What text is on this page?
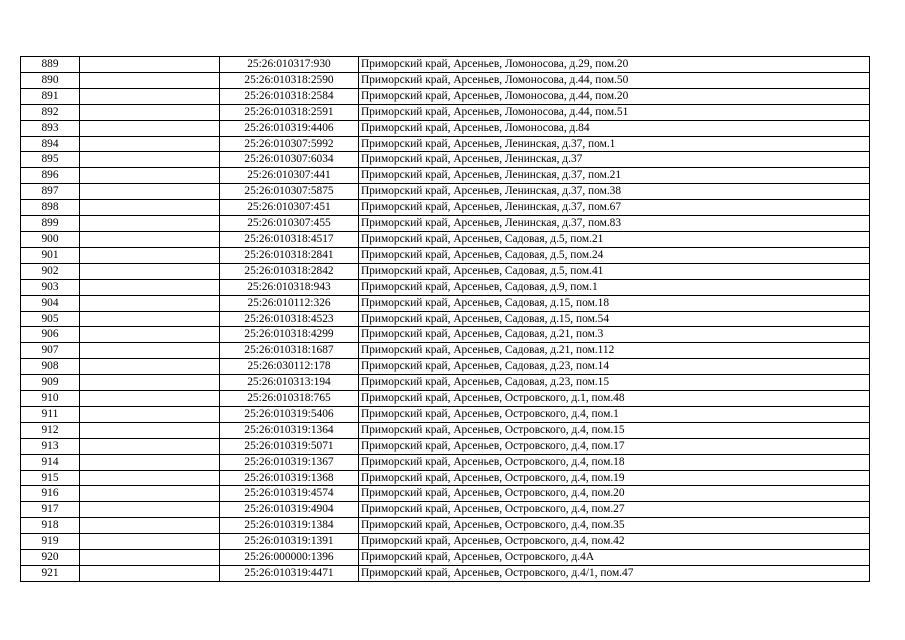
889		25:26:010317:930	Приморский край, Арсеньев, Ломоносова, д.29, пом.20
890		25:26:010318:2590	Приморский край, Арсеньев, Ломоносова, д.44, пом.50
891		25:26:010318:2584	Приморский край, Арсеньев, Ломоносова, д.44, пом.20
892		25:26:010318:2591	Приморский край, Арсеньев, Ломоносова, д.44, пом.51
893		25:26:010319:4406	Приморский край, Арсеньев, Ломоносова, д.84
894		25:26:010307:5992	Приморский край, Арсеньев, Ленинская, д.37, пом.1
895		25:26:010307:6034	Приморский край, Арсеньев, Ленинская, д.37
896		25:26:010307:441	Приморский край, Арсеньев, Ленинская, д.37, пом.21
897		25:26:010307:5875	Приморский край, Арсеньев, Ленинская, д.37, пом.38
898		25:26:010307:451	Приморский край, Арсеньев, Ленинская, д.37, пом.67
899		25:26:010307:455	Приморский край, Арсеньев, Ленинская, д.37, пом.83
900		25:26:010318:4517	Приморский край, Арсеньев, Садовая, д.5, пом.21
901		25:26:010318:2841	Приморский край, Арсеньев, Садовая, д.5, пом.24
902		25:26:010318:2842	Приморский край, Арсеньев, Садовая, д.5, пом.41
903		25:26:010318:943	Приморский край, Арсеньев, Садовая, д.9, пом.1
904		25:26:010112:326	Приморский край, Арсеньев, Садовая, д.15, пом.18
905		25:26:010318:4523	Приморский край, Арсеньев, Садовая, д.15, пом.54
906		25:26:010318:4299	Приморский край, Арсеньев, Садовая, д.21, пом.3
907		25:26:010318:1687	Приморский край, Арсеньев, Садовая, д.21, пом.112
908		25:26:030112:178	Приморский край, Арсеньев, Садовая, д.23, пом.14
909		25:26:010313:194	Приморский край, Арсеньев, Садовая, д.23, пом.15
910		25:26:010318:765	Приморский край, Арсеньев, Островского, д.1, пом.48
911		25:26:010319:5406	Приморский край, Арсеньев, Островского, д.4, пом.1
912		25:26:010319:1364	Приморский край, Арсеньев, Островского, д.4, пом.15
913		25:26:010319:5071	Приморский край, Арсеньев, Островского, д.4, пом.17
914		25:26:010319:1367	Приморский край, Арсеньев, Островского, д.4, пом.18
915		25:26:010319:1368	Приморский край, Арсеньев, Островского, д.4, пом.19
916		25:26:010319:4574	Приморский край, Арсеньев, Островского, д.4, пом.20
917		25:26:010319:4904	Приморский край, Арсеньев, Островского, д.4, пом.27
918		25:26:010319:1384	Приморский край, Арсеньев, Островского, д.4, пом.35
919		25:26:010319:1391	Приморский край, Арсеньев, Островского, д.4, пом.42
920		25:26:000000:1396	Приморский край, Арсеньев, Островского, д.4А
921		25:26:010319:4471	Приморский край, Арсеньев, Островского, д.4/1, пом.47
